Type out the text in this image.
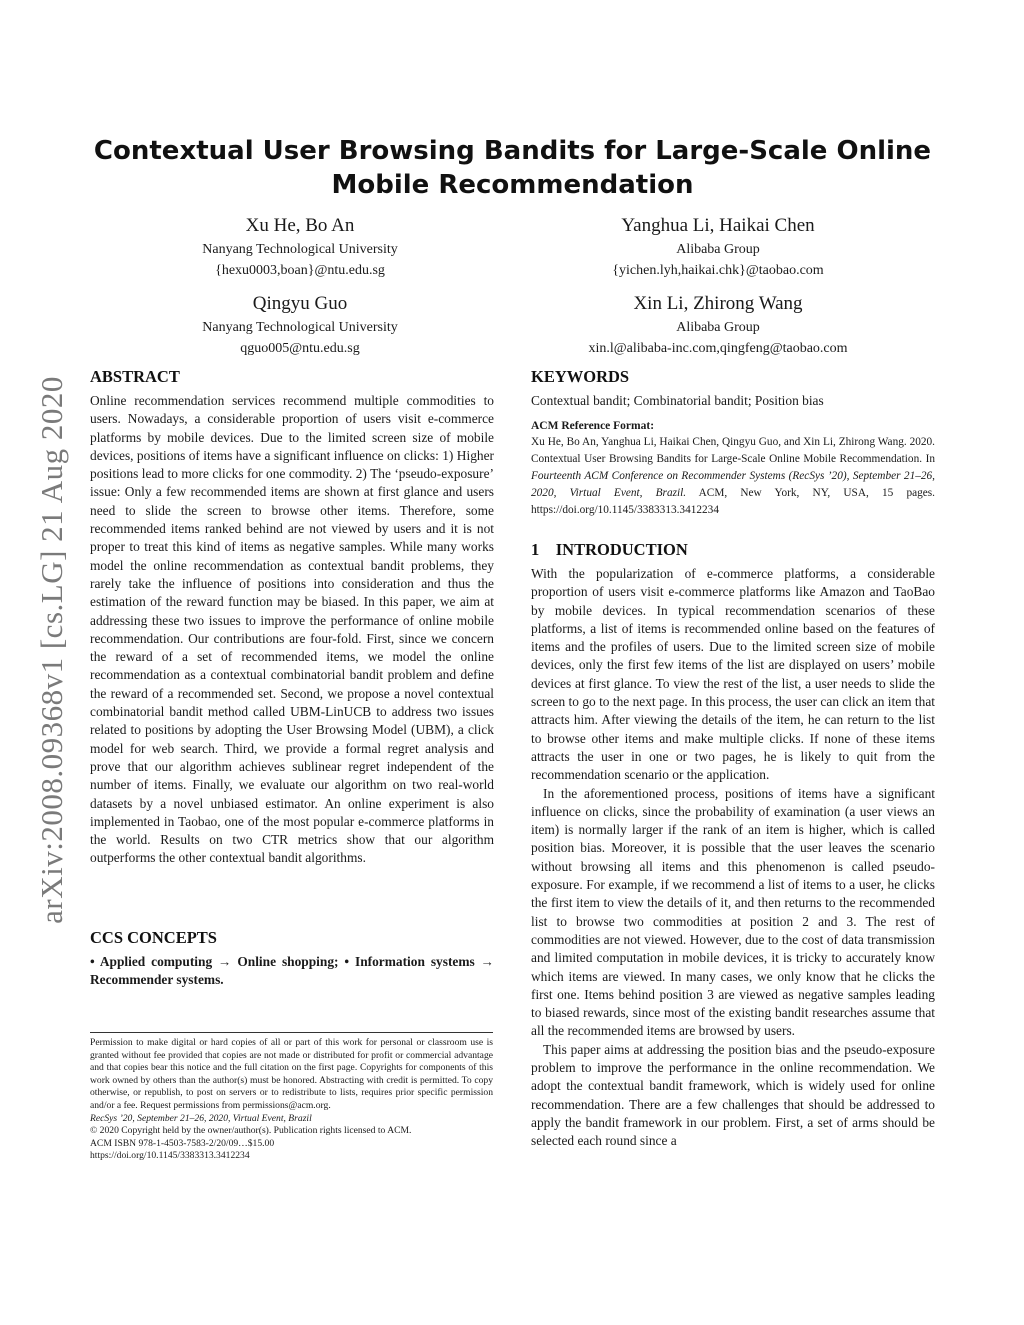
arXiv:2008.09368v1 [cs.LG] 21 Aug 2020
Contextual User Browsing Bandits for Large-Scale Online Mobile Recommendation
Xu He, Bo An
Nanyang Technological University
{hexu0003,boan}@ntu.edu.sg
Yanghua Li, Haikai Chen
Alibaba Group
{yichen.lyh,haikai.chk}@taobao.com
Qingyu Guo
Nanyang Technological University
qguo005@ntu.edu.sg
Xin Li, Zhirong Wang
Alibaba Group
xin.l@alibaba-inc.com,qingfeng@taobao.com
ABSTRACT
Online recommendation services recommend multiple commodities to users. Nowadays, a considerable proportion of users visit e-commerce platforms by mobile devices. Due to the limited screen size of mobile devices, positions of items have a significant influence on clicks: 1) Higher positions lead to more clicks for one commodity. 2) The ‘pseudo-exposure’ issue: Only a few recommended items are shown at first glance and users need to slide the screen to browse other items. Therefore, some recommended items ranked behind are not viewed by users and it is not proper to treat this kind of items as negative samples. While many works model the online recommendation as contextual bandit problems, they rarely take the influence of positions into consideration and thus the estimation of the reward function may be biased. In this paper, we aim at addressing these two issues to improve the performance of online mobile recommendation. Our contributions are four-fold. First, since we concern the reward of a set of recommended items, we model the online recommendation as a contextual combinatorial bandit problem and define the reward of a recommended set. Second, we propose a novel contextual combinatorial bandit method called UBM-LinUCB to address two issues related to positions by adopting the User Browsing Model (UBM), a click model for web search. Third, we provide a formal regret analysis and prove that our algorithm achieves sublinear regret independent of the number of items. Finally, we evaluate our algorithm on two real-world datasets by a novel unbiased estimator. An online experiment is also implemented in Taobao, one of the most popular e-commerce platforms in the world. Results on two CTR metrics show that our algorithm outperforms the other contextual bandit algorithms.
CCS CONCEPTS
• Applied computing → Online shopping; • Information systems → Recommender systems.
Permission to make digital or hard copies of all or part of this work for personal or classroom use is granted without fee provided that copies are not made or distributed for profit or commercial advantage and that copies bear this notice and the full citation on the first page. Copyrights for components of this work owned by others than the author(s) must be honored. Abstracting with credit is permitted. To copy otherwise, or republish, to post on servers or to redistribute to lists, requires prior specific permission and/or a fee. Request permissions from permissions@acm.org.
RecSys ’20, September 21–26, 2020, Virtual Event, Brazil
© 2020 Copyright held by the owner/author(s). Publication rights licensed to ACM.
ACM ISBN 978-1-4503-7583-2/20/09…$15.00
https://doi.org/10.1145/3383313.3412234
KEYWORDS
Contextual bandit; Combinatorial bandit; Position bias
ACM Reference Format:
Xu He, Bo An, Yanghua Li, Haikai Chen, Qingyu Guo, and Xin Li, Zhirong Wang. 2020. Contextual User Browsing Bandits for Large-Scale Online Mobile Recommendation. In Fourteenth ACM Conference on Recommender Systems (RecSys ’20), September 21–26, 2020, Virtual Event, Brazil. ACM, New York, NY, USA, 15 pages. https://doi.org/10.1145/3383313.3412234
1    INTRODUCTION

With the popularization of e-commerce platforms, a considerable proportion of users visit e-commerce platforms like Amazon and TaoBao by mobile devices. In typical recommendation scenarios of these platforms, a list of items is recommended online based on the features of items and the profiles of users. Due to the limited screen size of mobile devices, only the first few items of the list are displayed on users’ mobile devices at first glance. To view the rest of the list, a user needs to slide the screen to go to the next page. In this process, the user can click an item that attracts him. After viewing the details of the item, he can return to the list to browse other items and make multiple clicks. If none of these items attracts the user in one or two pages, he is likely to quit from the recommendation scenario or the application.

In the aforementioned process, positions of items have a significant influence on clicks, since the probability of examination (a user views an item) is normally larger if the rank of an item is higher, which is called position bias. Moreover, it is possible that the user leaves the scenario without browsing all items and this phenomenon is called pseudo-exposure. For example, if we recommend a list of items to a user, he clicks the first item to view the details of it, and then returns to the recommended list to browse two commodities at position 2 and 3. The rest of commodities are not viewed. However, due to the cost of data transmission and limited computation in mobile devices, it is tricky to accurately know which items are viewed. In many cases, we only know that he clicks the first one. Items behind position 3 are viewed as negative samples leading to biased rewards, since most of the existing bandit researches assume that all the recommended items are browsed by users.

This paper aims at addressing the position bias and the pseudo-exposure problem to improve the performance in the online recommendation. We adopt the contextual bandit framework, which is widely used for online recommendation. There are a few challenges that should be addressed to apply the bandit framework in our problem. First, a set of arms should be selected each round since a
